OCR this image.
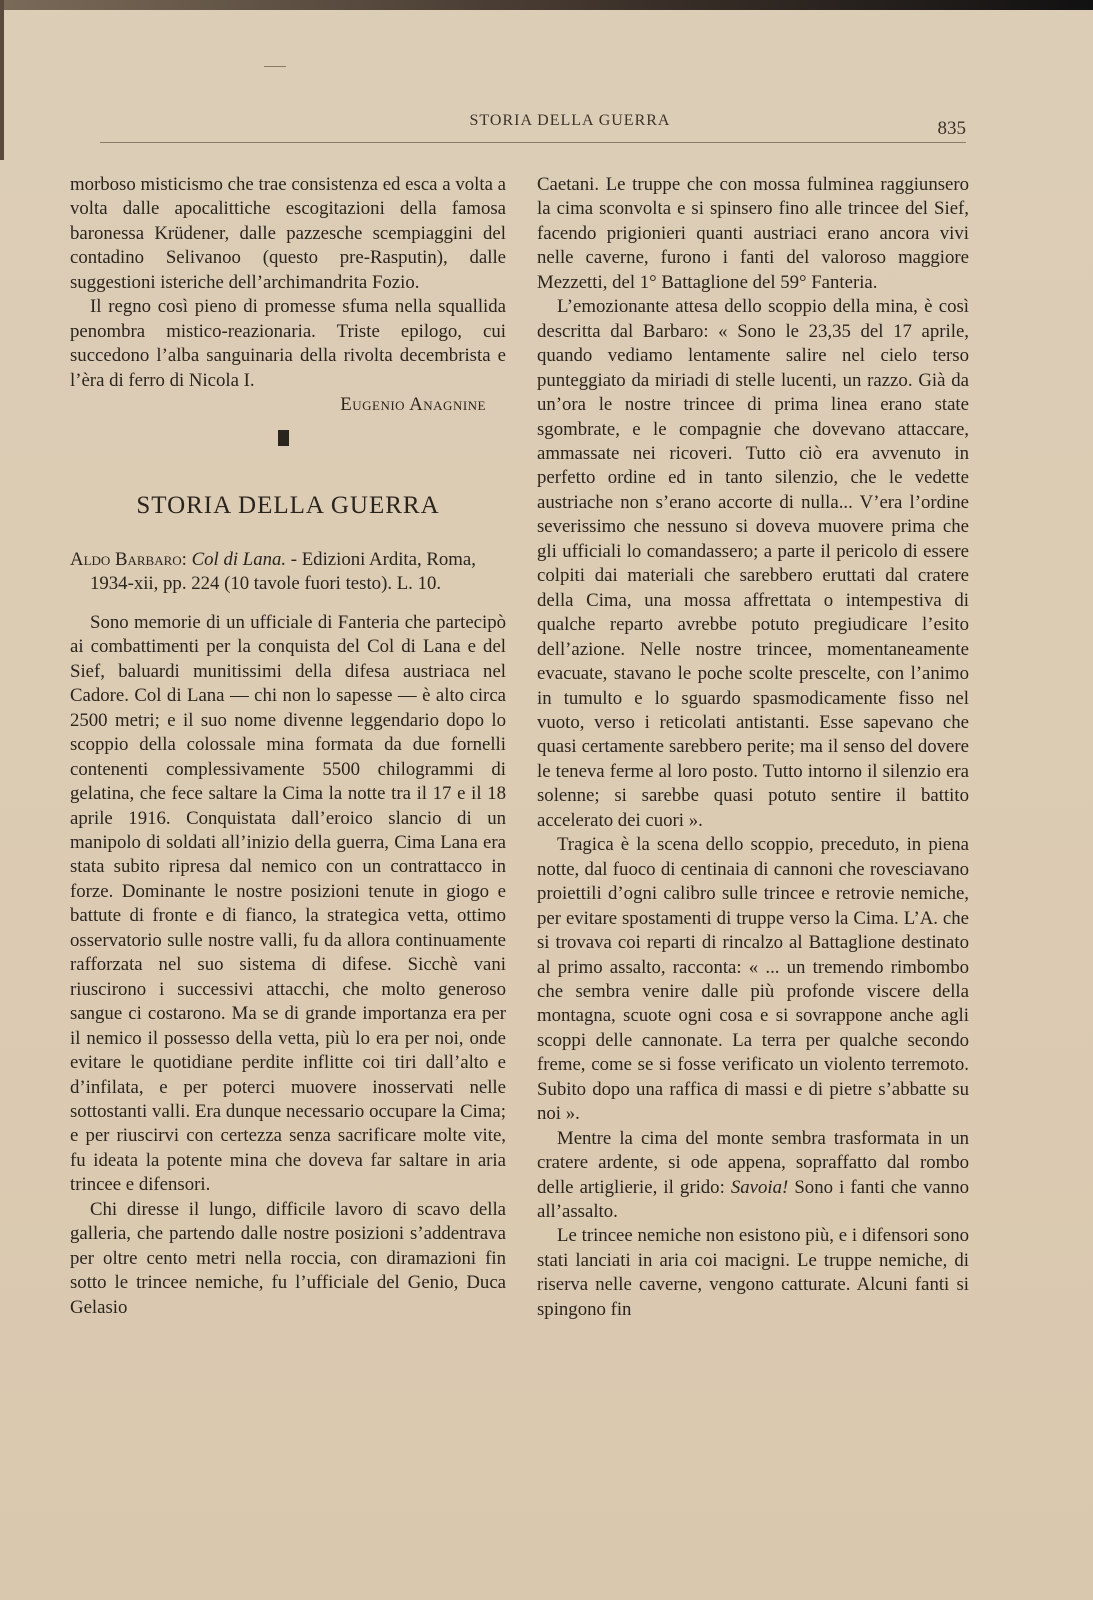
STORIA DELLA GUERRA	835

morboso misticismo che trae consistenza ed esca a volta a volta dalle apocalittiche escogitazioni della famosa baronessa Krüdener, dalle pazzesche scempiaggini del contadino Selivanoo (questo pre-Rasputin), dalle suggestioni isteriche dell’archimandrita Fozio.

Il regno così pieno di promesse sfuma nella squallida penombra mistico-reazionaria. Triste epilogo, cui succedono l’alba sanguinaria della rivolta decembrista e l’èra di ferro di Nicola I.

Eugenio Anagnine

STORIA DELLA GUERRA

Aldo Barbaro: Col di Lana. - Edizioni Ardita, Roma, 1934-xii, pp. 224 (10 tavole fuori testo). L. 10.

Sono memorie di un ufficiale di Fanteria che partecipò ai combattimenti per la conquista del Col di Lana e del Sief, baluardi munitissimi della difesa austriaca nel Cadore. Col di Lana — chi non lo sapesse — è alto circa 2500 metri; e il suo nome divenne leggendario dopo lo scoppio della colossale mina formata da due fornelli contenenti complessivamente 5500 chilogrammi di gelatina, che fece saltare la Cima la notte tra il 17 e il 18 aprile 1916. Conquistata dall’eroico slancio di un manipolo di soldati all’inizio della guerra, Cima Lana era stata subito ripresa dal nemico con un contrattacco in forze. Dominante le nostre posizioni tenute in giogo e battute di fronte e di fianco, la strategica vetta, ottimo osservatorio sulle nostre valli, fu da allora continuamente rafforzata nel suo sistema di difese. Sicchè vani riuscirono i successivi attacchi, che molto generoso sangue ci costarono. Ma se di grande importanza era per il nemico il possesso della vetta, più lo era per noi, onde evitare le quotidiane perdite inflitte coi tiri dall’alto e d’infilata, e per poterci muovere inosservati nelle sottostanti valli. Era dunque necessario occupare la Cima; e per riuscirvi con certezza senza sacrificare molte vite, fu ideata la potente mina che doveva far saltare in aria trincee e difensori.

Chi diresse il lungo, difficile lavoro di scavo della galleria, che partendo dalle nostre posizioni s’addentrava per oltre cento metri nella roccia, con diramazioni fin sotto le trincee nemiche, fu l’ufficiale del Genio, Duca Gelasio

Caetani. Le truppe che con mossa fulminea raggiunsero la cima sconvolta e si spinsero fino alle trincee del Sief, facendo prigionieri quanti austriaci erano ancora vivi nelle caverne, furono i fanti del valoroso maggiore Mezzetti, del 1° Battaglione del 59° Fanteria.

L’emozionante attesa dello scoppio della mina, è così descritta dal Barbaro: « Sono le 23,35 del 17 aprile, quando vediamo lentamente salire nel cielo terso punteggiato da miriadi di stelle lucenti, un razzo. Già da un’ora le nostre trincee di prima linea erano state sgombrate, e le compagnie che dovevano attaccare, ammassate nei ricoveri. Tutto ciò era avvenuto in perfetto ordine ed in tanto silenzio, che le vedette austriache non s’erano accorte di nulla... V’era l’ordine severissimo che nessuno si doveva muovere prima che gli ufficiali lo comandassero; a parte il pericolo di essere colpiti dai materiali che sarebbero eruttati dal cratere della Cima, una mossa affrettata o intempestiva di qualche reparto avrebbe potuto pregiudicare l’esito dell’azione. Nelle nostre trincee, momentaneamente evacuate, stavano le poche scolte prescelte, con l’animo in tumulto e lo sguardo spasmodicamente fisso nel vuoto, verso i reticolati antistanti. Esse sapevano che quasi certamente sarebbero perite; ma il senso del dovere le teneva ferme al loro posto. Tutto intorno il silenzio era solenne; si sarebbe quasi potuto sentire il battito accelerato dei cuori ».

Tragica è la scena dello scoppio, preceduto, in piena notte, dal fuoco di centinaia di cannoni che rovesciavano proiettili d’ogni calibro sulle trincee e retrovie nemiche, per evitare spostamenti di truppe verso la Cima. L’A. che si trovava coi reparti di rincalzo al Battaglione destinato al primo assalto, racconta: « ... un tremendo rimbombo che sembra venire dalle più profonde viscere della montagna, scuote ogni cosa e si sovrappone anche agli scoppi delle cannonate. La terra per qualche secondo freme, come se si fosse verificato un violento terremoto. Subito dopo una raffica di massi e di pietre s’abbatte su noi ».

Mentre la cima del monte sembra trasformata in un cratere ardente, si ode appena, sopraffatto dal rombo delle artiglierie, il grido: Savoia! Sono i fanti che vanno all’assalto.

Le trincee nemiche non esistono più, e i difensori sono stati lanciati in aria coi macigni. Le truppe nemiche, di riserva nelle caverne, vengono catturate. Alcuni fanti si spingono fin
